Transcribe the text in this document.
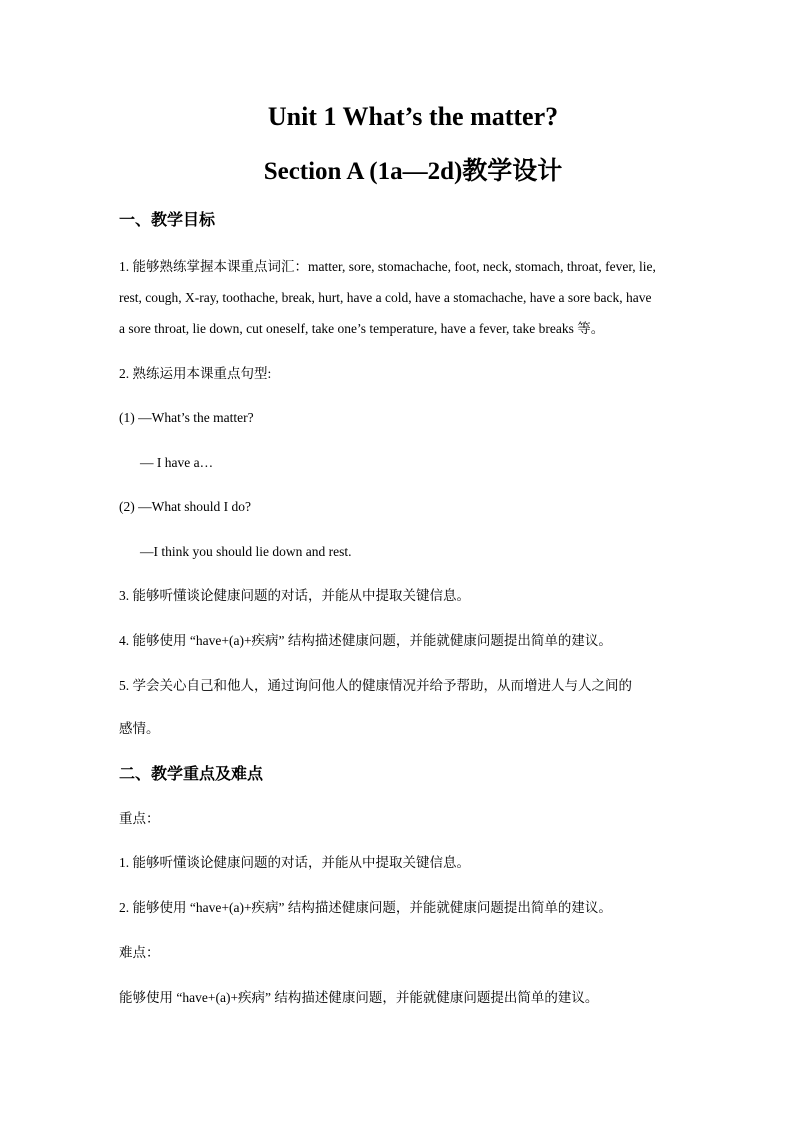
Unit 1 What’s the matter?
Section A (1a—2d)教学设计
一、教学目标
1. 能够熟练掌握本课重点词汇：matter, sore, stomachache, foot, neck, stomach, throat, fever, lie,
rest, cough, X-ray, toothache, break, hurt, have a cold, have a stomachache, have a sore back, have
a sore throat, lie down, cut oneself, take one’s temperature, have a fever, take breaks 等。
2. 熟练运用本课重点句型:
(1) —What’s the matter?
— I have a…
(2) —What should I do?
—I think you should lie down and rest.
3. 能够听懂谈论健康问题的对话，并能从中提取关键信息。
4. 能够使用 “have+(a)+疾病” 结构描述健康问题，并能就健康问题提出简单的建议。
5. 学会关心自己和他人，通过询问他人的健康情况并给予帮助，从而增进人与人之间的
感情。
二、教学重点及难点
重点：
1. 能够听懂谈论健康问题的对话，并能从中提取关键信息。
2. 能够使用 “have+(a)+疾病” 结构描述健康问题，并能就健康问题提出简单的建议。
难点：
能够使用 “have+(a)+疾病” 结构描述健康问题，并能就健康问题提出简单的建议。
